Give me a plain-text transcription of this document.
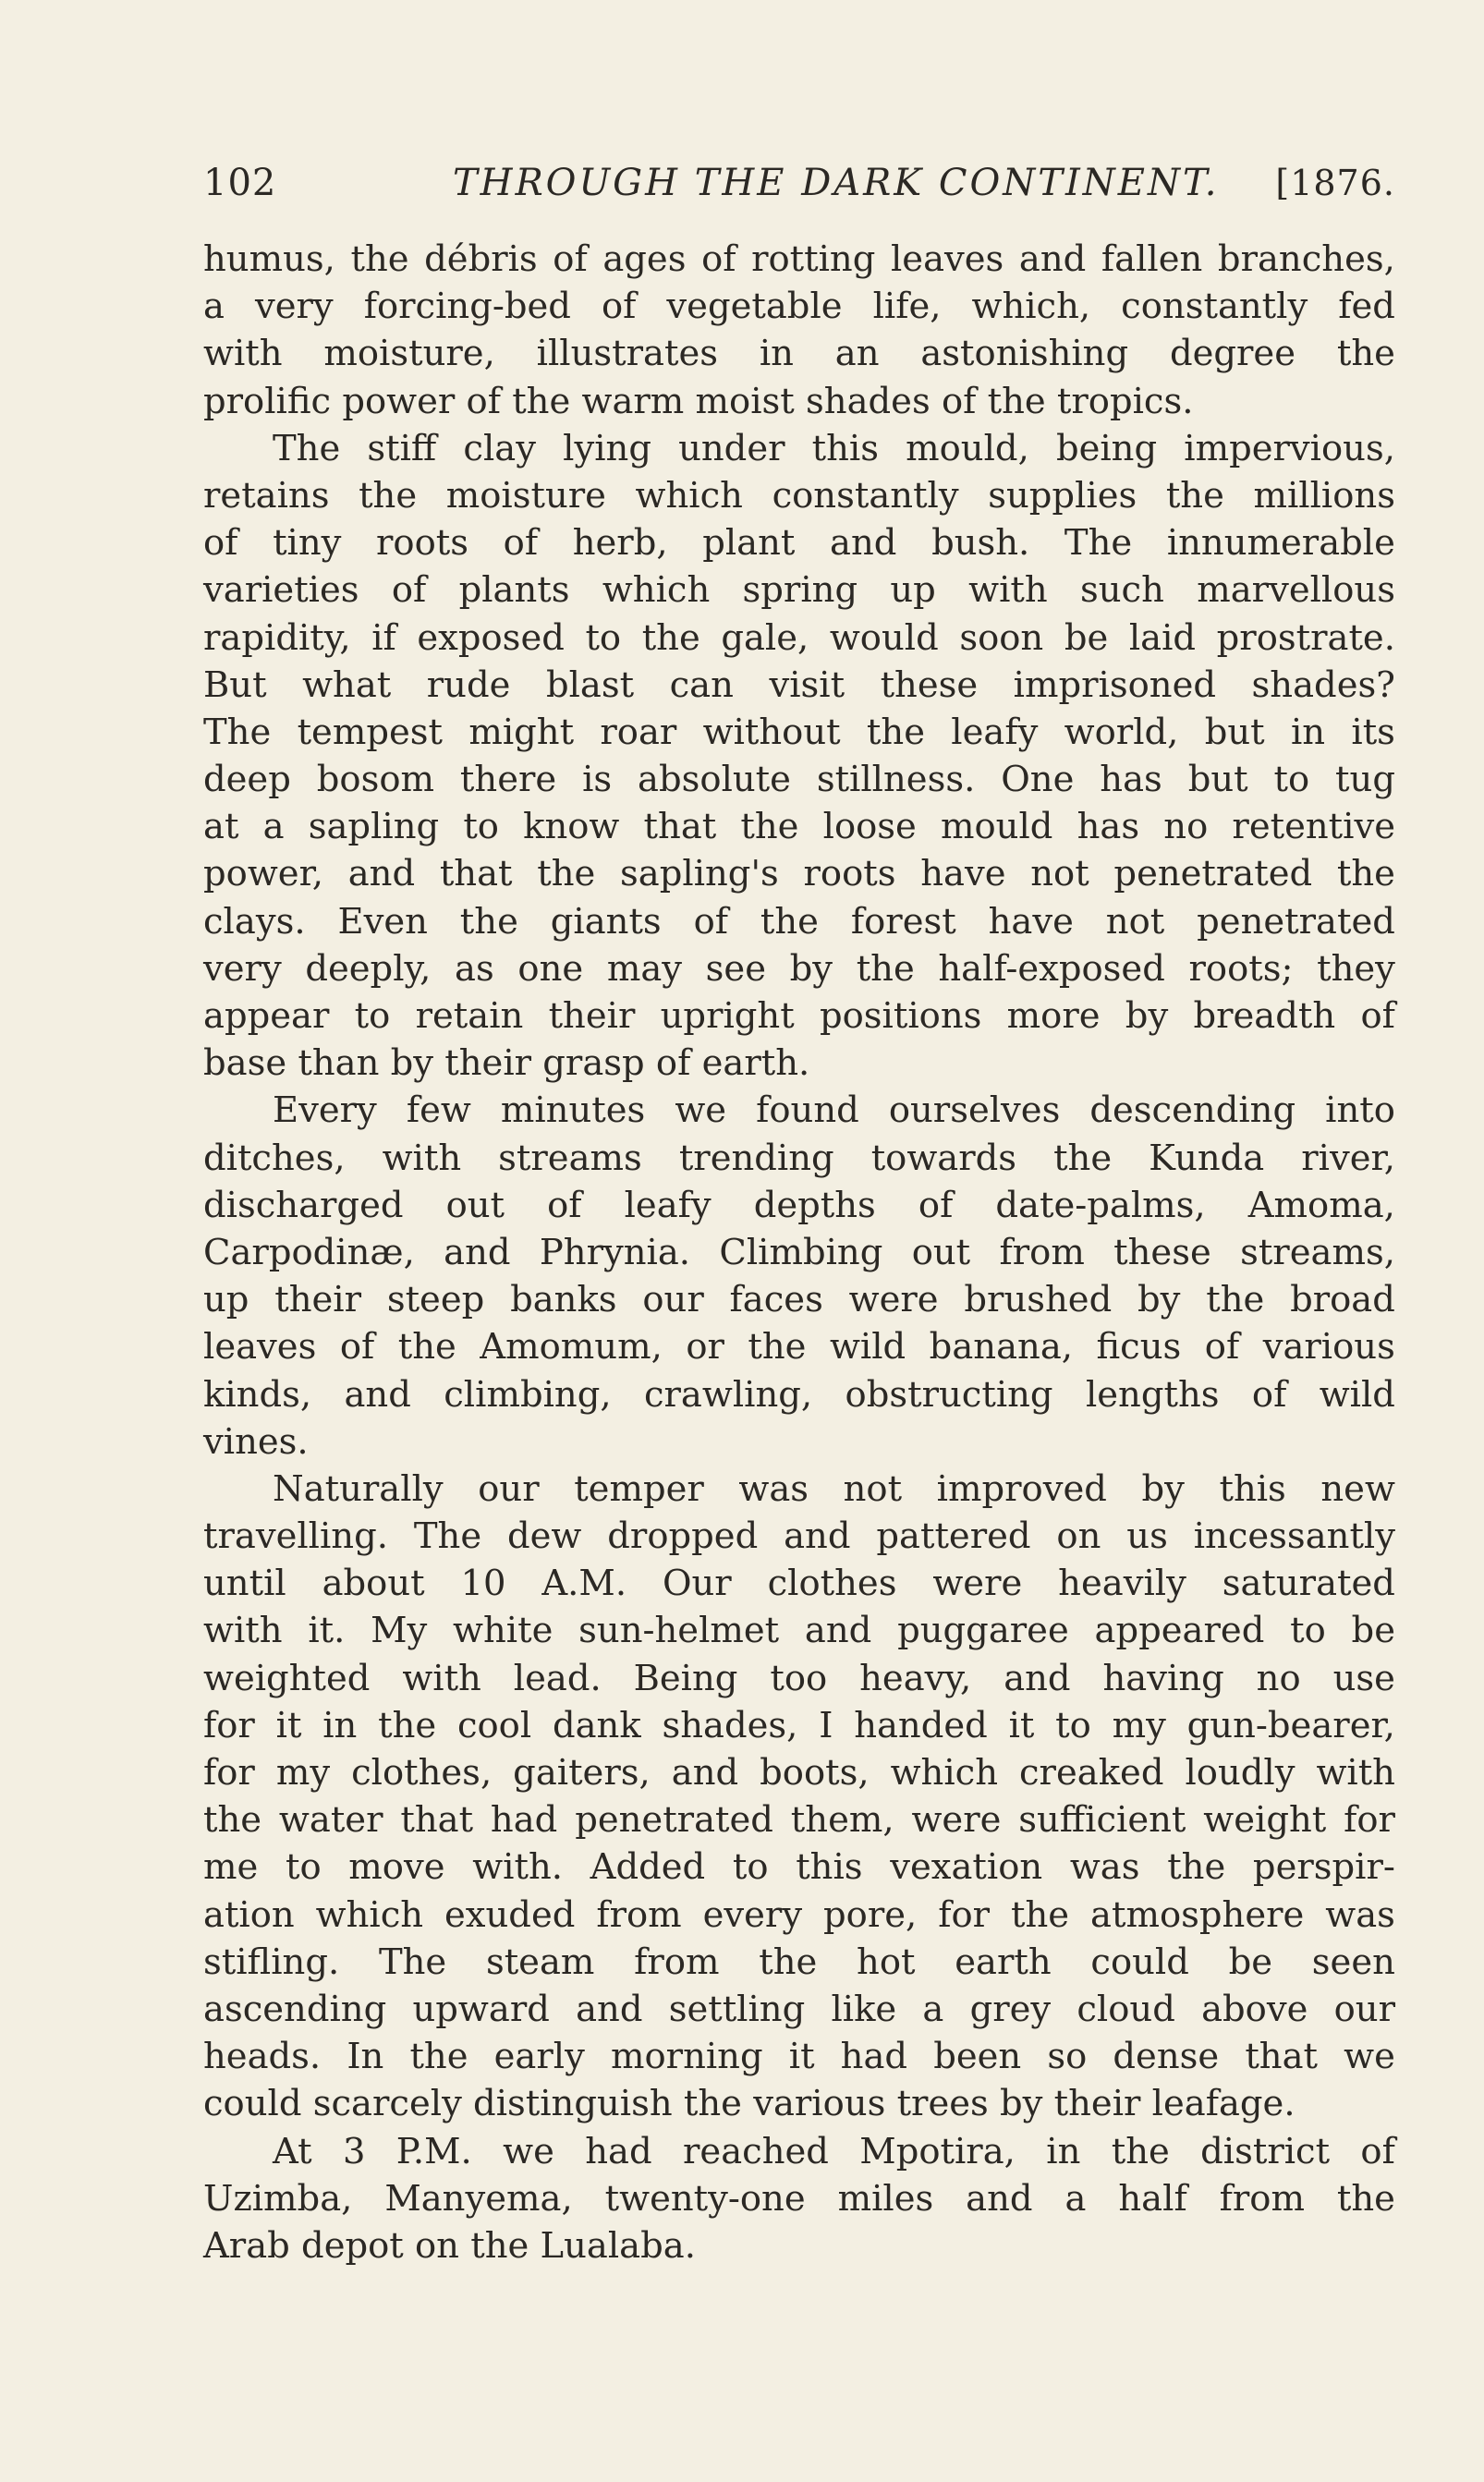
102	THROUGH THE DARK CONTINENT. [1876.
humus, the débris of ages of rotting leaves and fallen branches,
a very forcing-bed of vegetable life, which, constantly fed
with moisture, illustrates in an astonishing degree the
prolific power of the warm moist shades of the tropics.
The stiff clay lying under this mould, being impervious,
retains the moisture which constantly supplies the millions
of tiny roots of herb, plant and bush. The innumerable
varieties of plants which spring up with such marvellous
rapidity, if exposed to the gale, would soon be laid prostrate.
But what rude blast can visit these imprisoned shades?
The tempest might roar without the leafy world, but in its
deep bosom there is absolute stillness. One has but to tug
at a sapling to know that the loose mould has no retentive
power, and that the sapling's roots have not penetrated the
clays. Even the giants of the forest have not penetrated
very deeply, as one may see by the half-exposed roots; they
appear to retain their upright positions more by breadth of
base than by their grasp of earth.
Every few minutes we found ourselves descending into
ditches, with streams trending towards the Kunda river,
discharged out of leafy depths of date-palms, Amoma,
Carpodinæ, and Phrynia. Climbing out from these streams,
up their steep banks our faces were brushed by the broad
leaves of the Amomum, or the wild banana, ficus of various
kinds, and climbing, crawling, obstructing lengths of wild
vines.
Naturally our temper was not improved by this new
travelling. The dew dropped and pattered on us incessantly
until about 10 A.M. Our clothes were heavily saturated
with it. My white sun-helmet and puggaree appeared to be
weighted with lead. Being too heavy, and having no use
for it in the cool dank shades, I handed it to my gun-bearer,
for my clothes, gaiters, and boots, which creaked loudly with
the water that had penetrated them, were sufficient weight for
me to move with. Added to this vexation was the perspir-
ation which exuded from every pore, for the atmosphere was
stifling. The steam from the hot earth could be seen
ascending upward and settling like a grey cloud above our
heads. In the early morning it had been so dense that we
could scarcely distinguish the various trees by their leafage.
At 3 P.M. we had reached Mpotira, in the district of
Uzimba, Manyema, twenty-one miles and a half from the
Arab depot on the Lualaba.
